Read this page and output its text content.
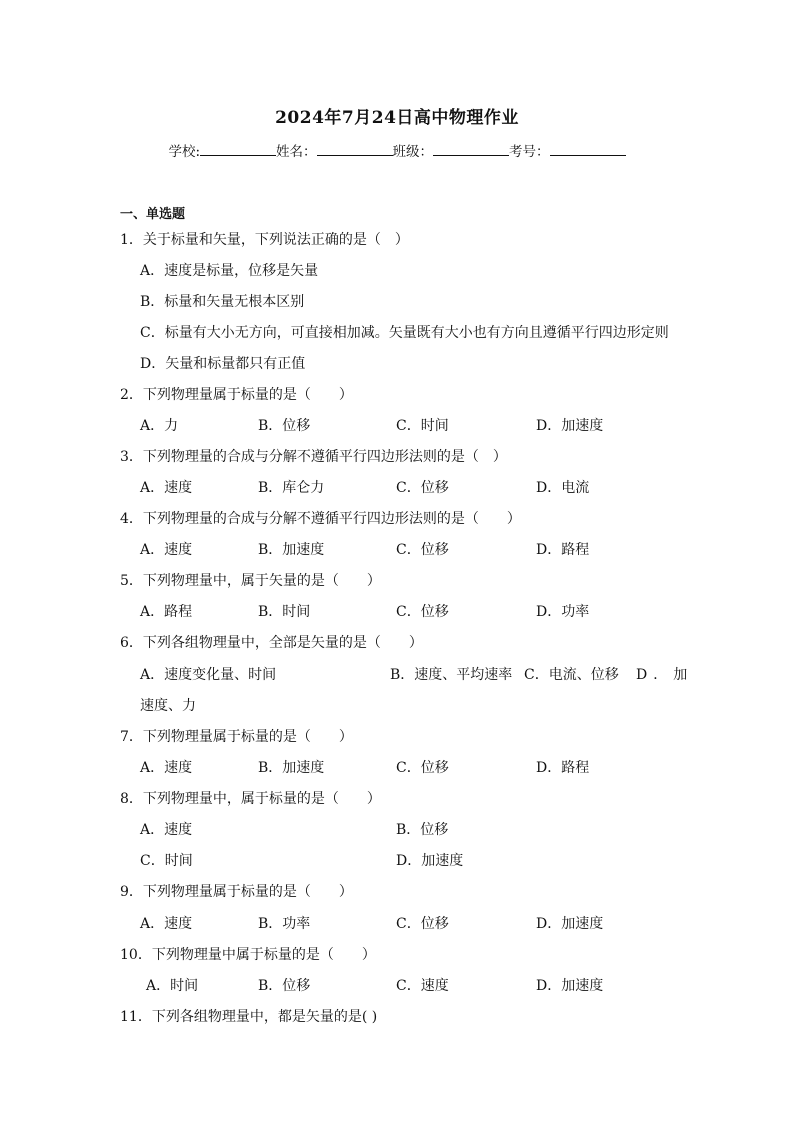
2024年7月24日高中物理作业
学校:	姓名：	班级：	考号：
一、单选题
1．关于标量和矢量，下列说法正确的是（　）
A．速度是标量，位移是矢量
B．标量和矢量无根本区别
C．标量有大小无方向，可直接相加减。矢量既有大小也有方向且遵循平行四边形定则
D．矢量和标量都只有正值
2．下列物理量属于标量的是（　　）
A．力	B．位移	C．时间	D．加速度
3．下列物理量的合成与分解不遵循平行四边形法则的是（　）
A．速度	B．库仑力	C．位移	D．电流
4．下列物理量的合成与分解不遵循平行四边形法则的是（　　）
A．速度	B．加速度	C．位移	D．路程
5．下列物理量中，属于矢量的是（　　）
A．路程	B．时间	C．位移	D．功率
6．下列各组物理量中，全部是矢量的是（　　）
A．速度变化量、时间	B．速度、平均速率 C．电流、位移 D．加
速度、力
7．下列物理量属于标量的是（　　）
A．速度	B．加速度	C．位移	D．路程
8．下列物理量中，属于标量的是（　　）
A．速度	B．位移
C．时间	D．加速度
9．下列物理量属于标量的是（　　）
A．速度	B．功率	C．位移	D．加速度
10．下列物理量中属于标量的是（　　）
A．时间	B．位移	C．速度	D．加速度
11．下列各组物理量中，都是矢量的是( )
